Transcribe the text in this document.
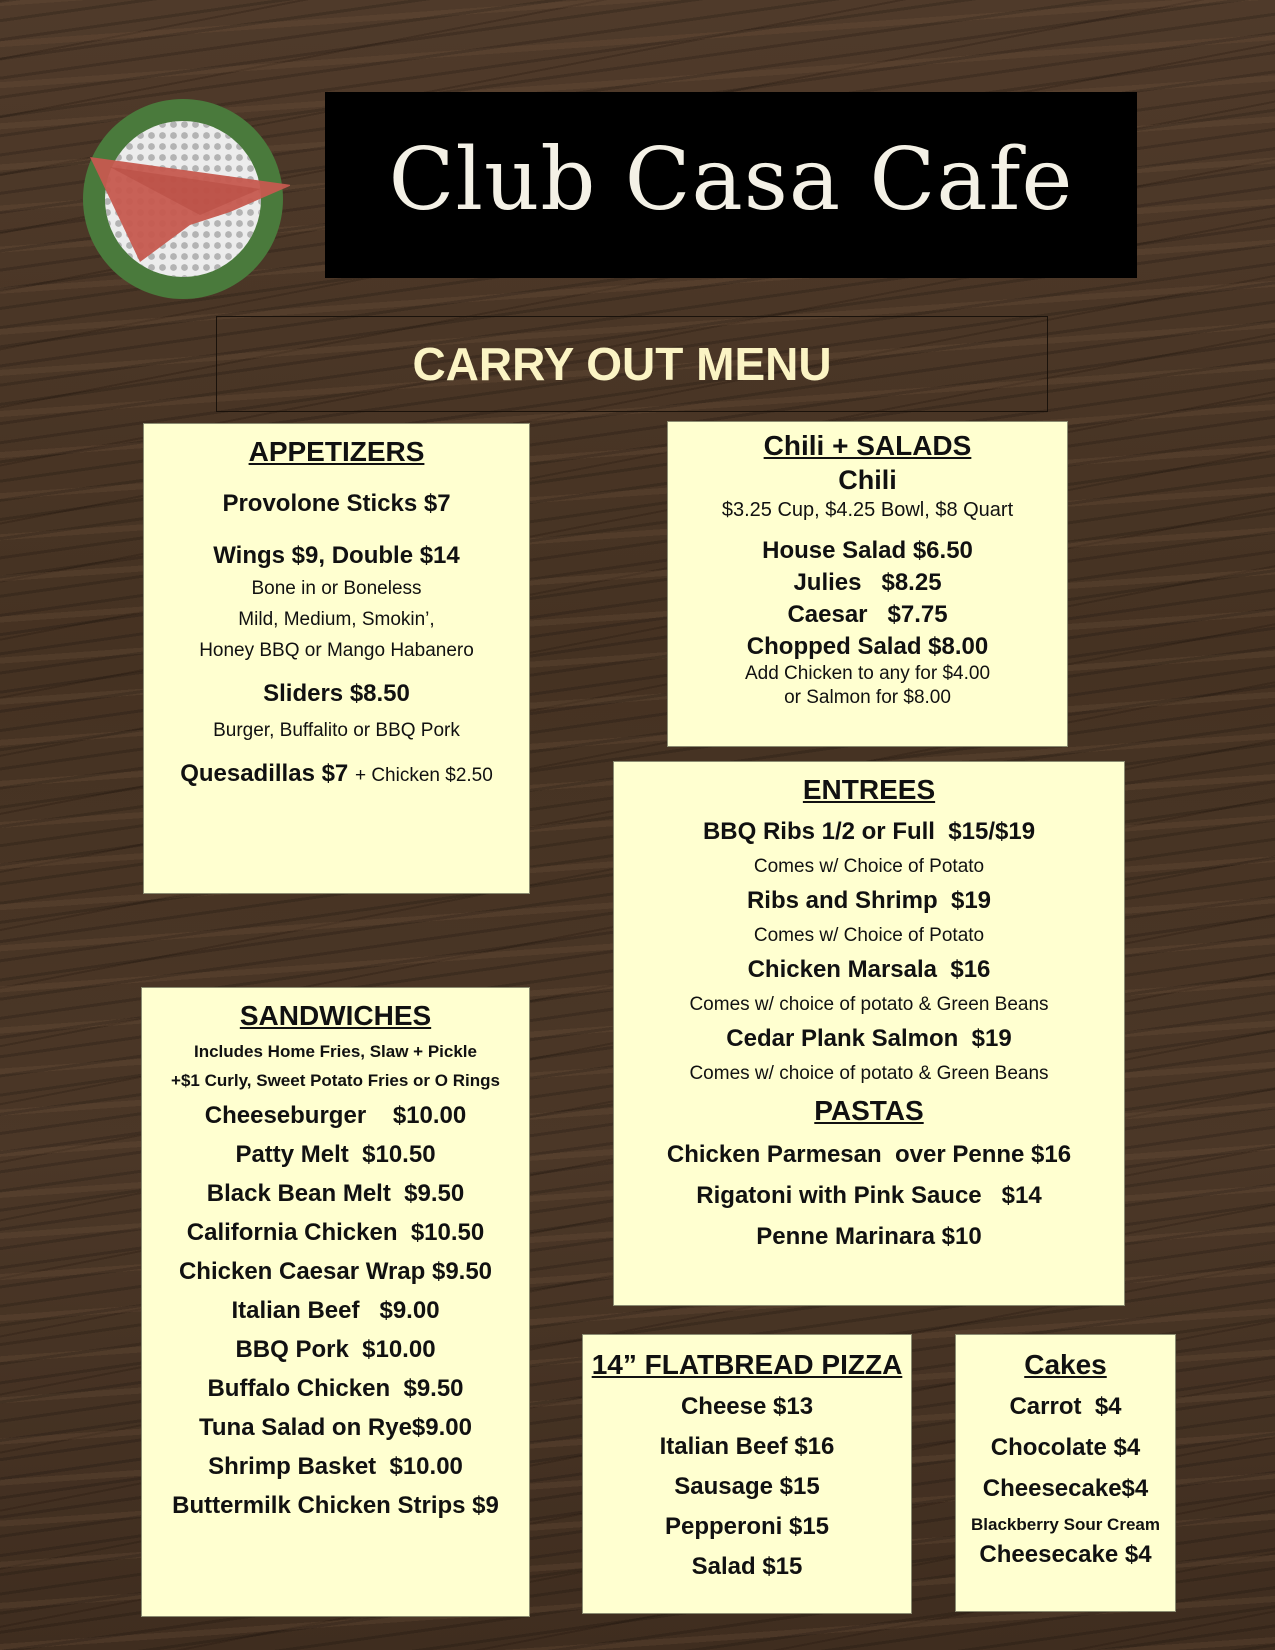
Club Casa Cafe
CARRY OUT MENU
APPETIZERS
Provolone Sticks $7
Wings $9, Double $14
Bone in or Boneless
Mild, Medium, Smokin’,
Honey BBQ or Mango Habanero
Sliders $8.50
Burger, Buffalito or BBQ Pork
Quesadillas $7 + Chicken $2.50
Chili + SALADS
Chili
$3.25 Cup, $4.25 Bowl, $8 Quart
House Salad $6.50
Julies   $8.25
Caesar   $7.75
Chopped Salad $8.00
Add Chicken to any for $4.00
or Salmon for $8.00
ENTREES
BBQ Ribs 1/2 or Full  $15/$19
Comes w/ Choice of Potato
Ribs and Shrimp  $19
Comes w/ Choice of Potato
Chicken Marsala  $16
Comes w/ choice of potato & Green Beans
Cedar Plank Salmon  $19
Comes w/ choice of potato & Green Beans
PASTAS
Chicken Parmesan  over Penne $16
Rigatoni with Pink Sauce   $14
Penne Marinara $10
SANDWICHES
Includes Home Fries, Slaw + Pickle
+$1 Curly, Sweet Potato Fries or O Rings
Cheeseburger    $10.00
Patty Melt  $10.50
Black Bean Melt  $9.50
California Chicken  $10.50
Chicken Caesar Wrap $9.50
Italian Beef   $9.00
BBQ Pork  $10.00
Buffalo Chicken  $9.50
Tuna Salad on Rye$9.00
Shrimp Basket  $10.00
Buttermilk Chicken Strips $9
14” FLATBREAD PIZZA
Cheese $13
Italian Beef $16
Sausage $15
Pepperoni $15
Salad $15
Cakes
Carrot  $4
Chocolate $4
Cheesecake$4
Blackberry Sour Cream
Cheesecake $4
